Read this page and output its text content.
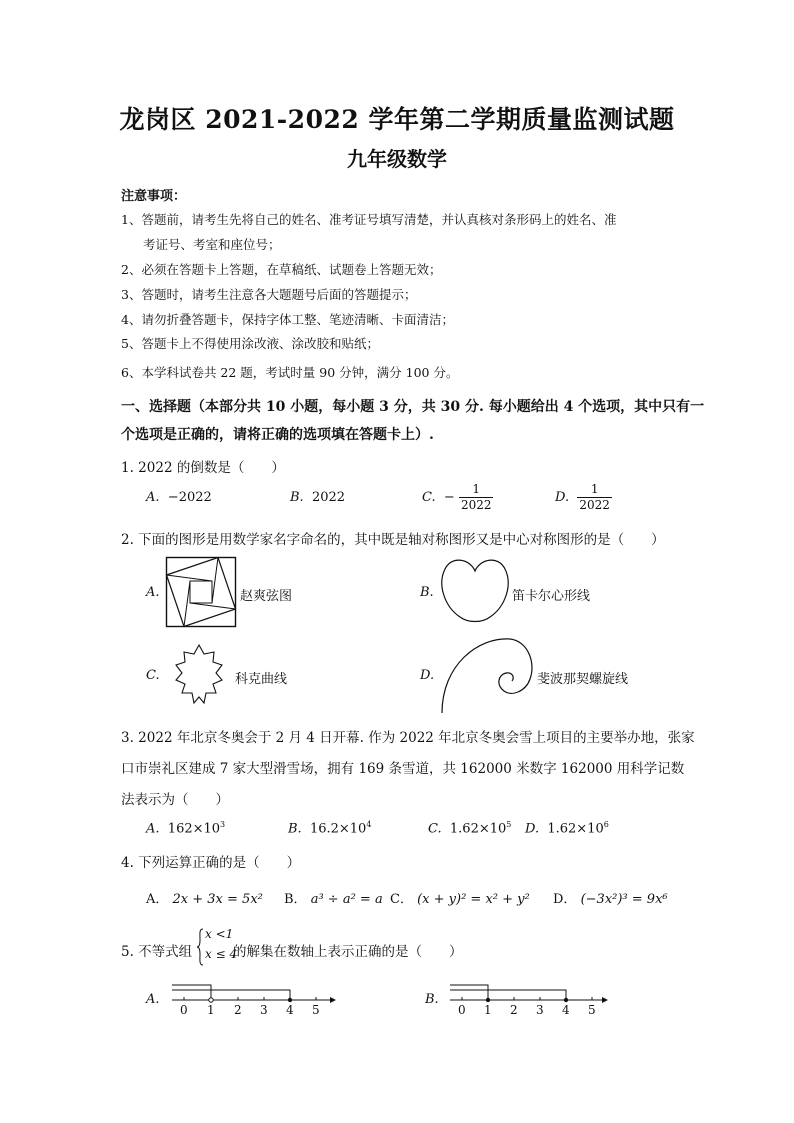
龙岗区 2021-2022 学年第二学期质量监测试题
九年级数学
注意事项：
1、答题前，请考生先将自己的姓名、准考证号填写清楚，并认真核对条形码上的姓名、准
考证号、考室和座位号；
2、必须在答题卡上答题，在草稿纸、试题卷上答题无效；
3、答题时，请考生注意各大题题号后面的答题提示；
4、请勿折叠答题卡，保持字体工整、笔迹清晰、卡面清洁；
5、答题卡上不得使用涂改液、涂改胶和贴纸；
6、本学科试卷共 22 题，考试时量 90 分钟，满分 100 分。
一、选择题（本部分共 10 小题，每小题 3 分，共 30 分. 每小题给出 4 个选项，其中只有一
个选项是正确的，请将正确的选项填在答题卡上）.
1. 2022 的倒数是（　　）
A. −2022	B. 2022	C. − $\frac{1}{2022}$	D. $\frac{1}{2022}$
2. 下面的图形是用数学家名字命名的，其中既是轴对称图形又是中心对称图形的是（　　）
A.	赵爽弦图	B.	笛卡尔心形线
C.	科克曲线	D.	斐波那契螺旋线
3. 2022 年北京冬奥会于 2 月 4 日开幕. 作为 2022 年北京冬奥会雪上项目的主要举办地，张家
口市崇礼区建成 7 家大型滑雪场，拥有 169 条雪道，共 162000 米数字 162000 用科学记数
法表示为（　　）
A. $162\times 10^3$	B. $16.2\times 10^4$	C. $1.62\times 10^5$ D. $1.62\times 10^6$
4. 下列运算正确的是（　　）
A． 2x + 3x = 5x² B． a³ ÷ a² = a C． (x + y)² = x² + y² D． (−3x²)³ = 9x⁶
5. 不等式组
x <1
x ≤ 4
的解集在数轴上表示正确的是（　　）
A.
0 1 2 3 4 5
B.
0 1 2 3 4 5
